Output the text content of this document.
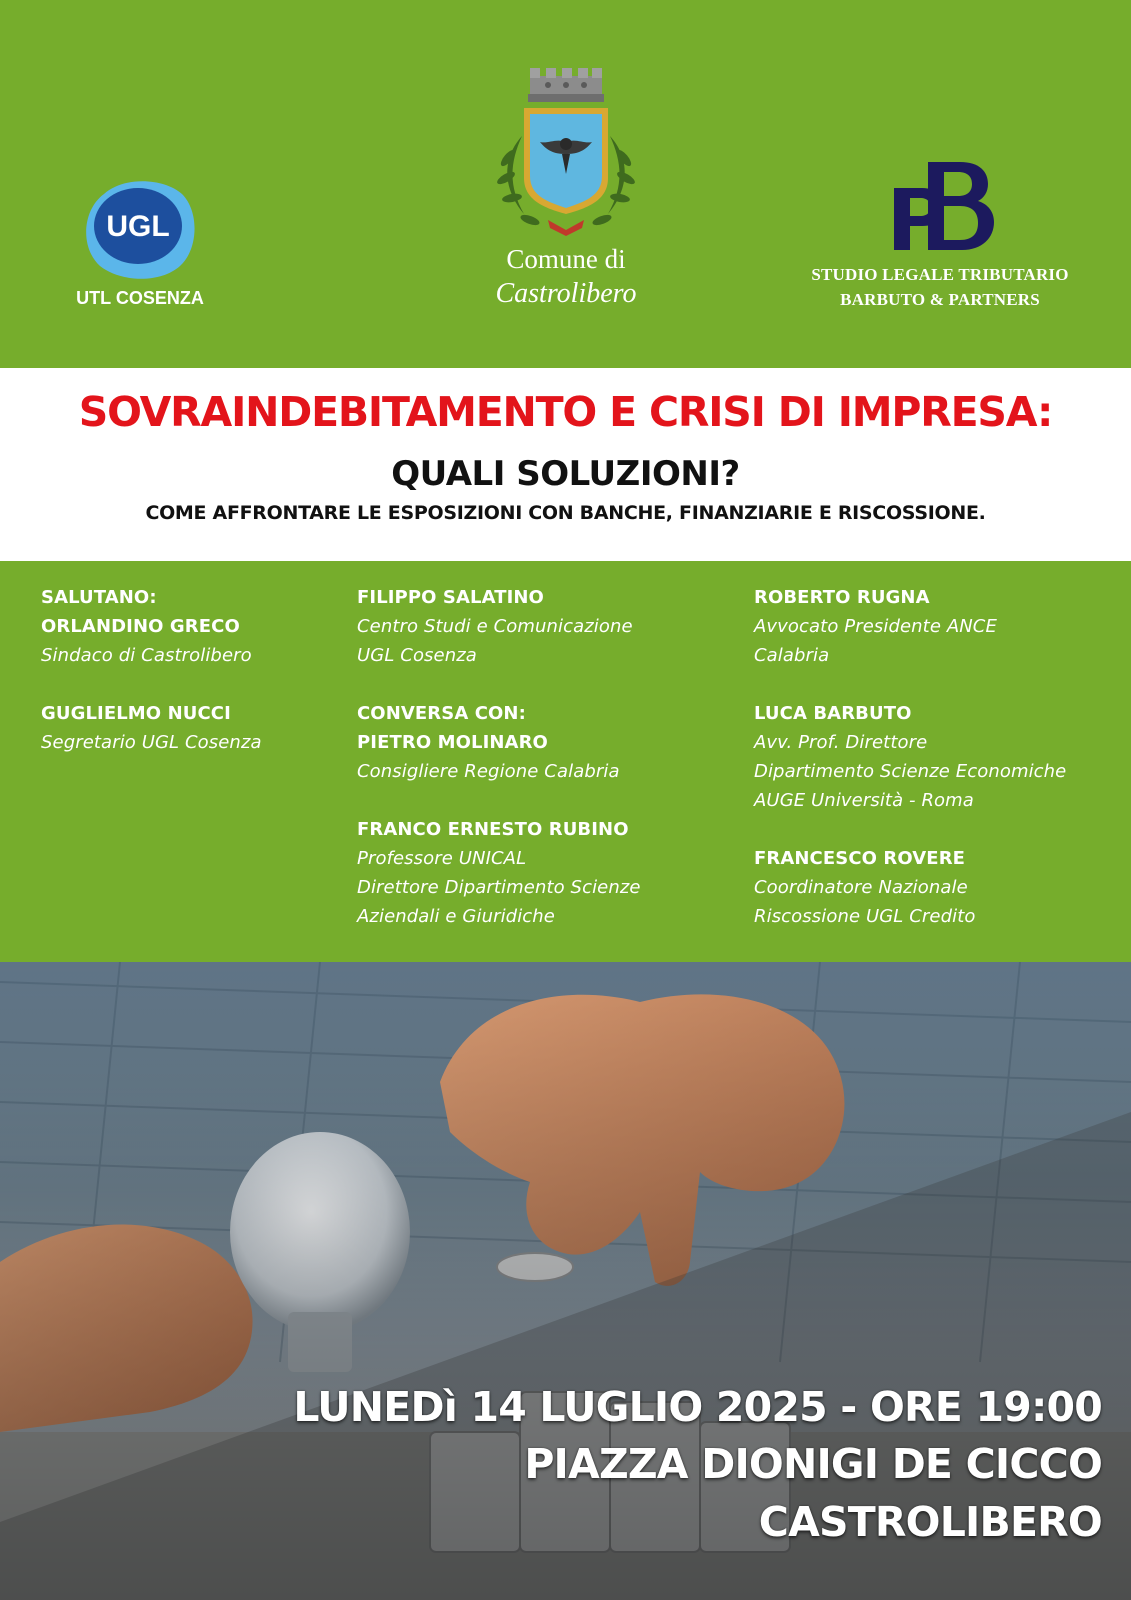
UGL
UTL COSENZA
Comune di
Castrolibero
STUDIO LEGALE TRIBUTARIO
BARBUTO & PARTNERS
SOVRAINDEBITAMENTO E CRISI DI IMPRESA:
QUALI SOLUZIONI?
COME AFFRONTARE LE ESPOSIZIONI CON BANCHE, FINANZIARIE E RISCOSSIONE.
SALUTANO:
ORLANDINO GRECO
Sindaco di Castrolibero
GUGLIELMO NUCCI
Segretario UGL Cosenza
FILIPPO SALATINO
Centro Studi e Comunicazione
UGL Cosenza
CONVERSA CON:
PIETRO MOLINARO
Consigliere Regione Calabria
FRANCO ERNESTO RUBINO
Professore UNICAL
Direttore Dipartimento Scienze
Aziendali e Giuridiche
ROBERTO RUGNA
Avvocato Presidente ANCE
Calabria
LUCA BARBUTO
Avv. Prof. Direttore
Dipartimento Scienze Economiche
AUGE Università - Roma
FRANCESCO ROVERE
Coordinatore Nazionale
Riscossione UGL Credito
LUNEDì 14 LUGLIO 2025 - ORE 19:00
PIAZZA DIONIGI DE CICCO
CASTROLIBERO
